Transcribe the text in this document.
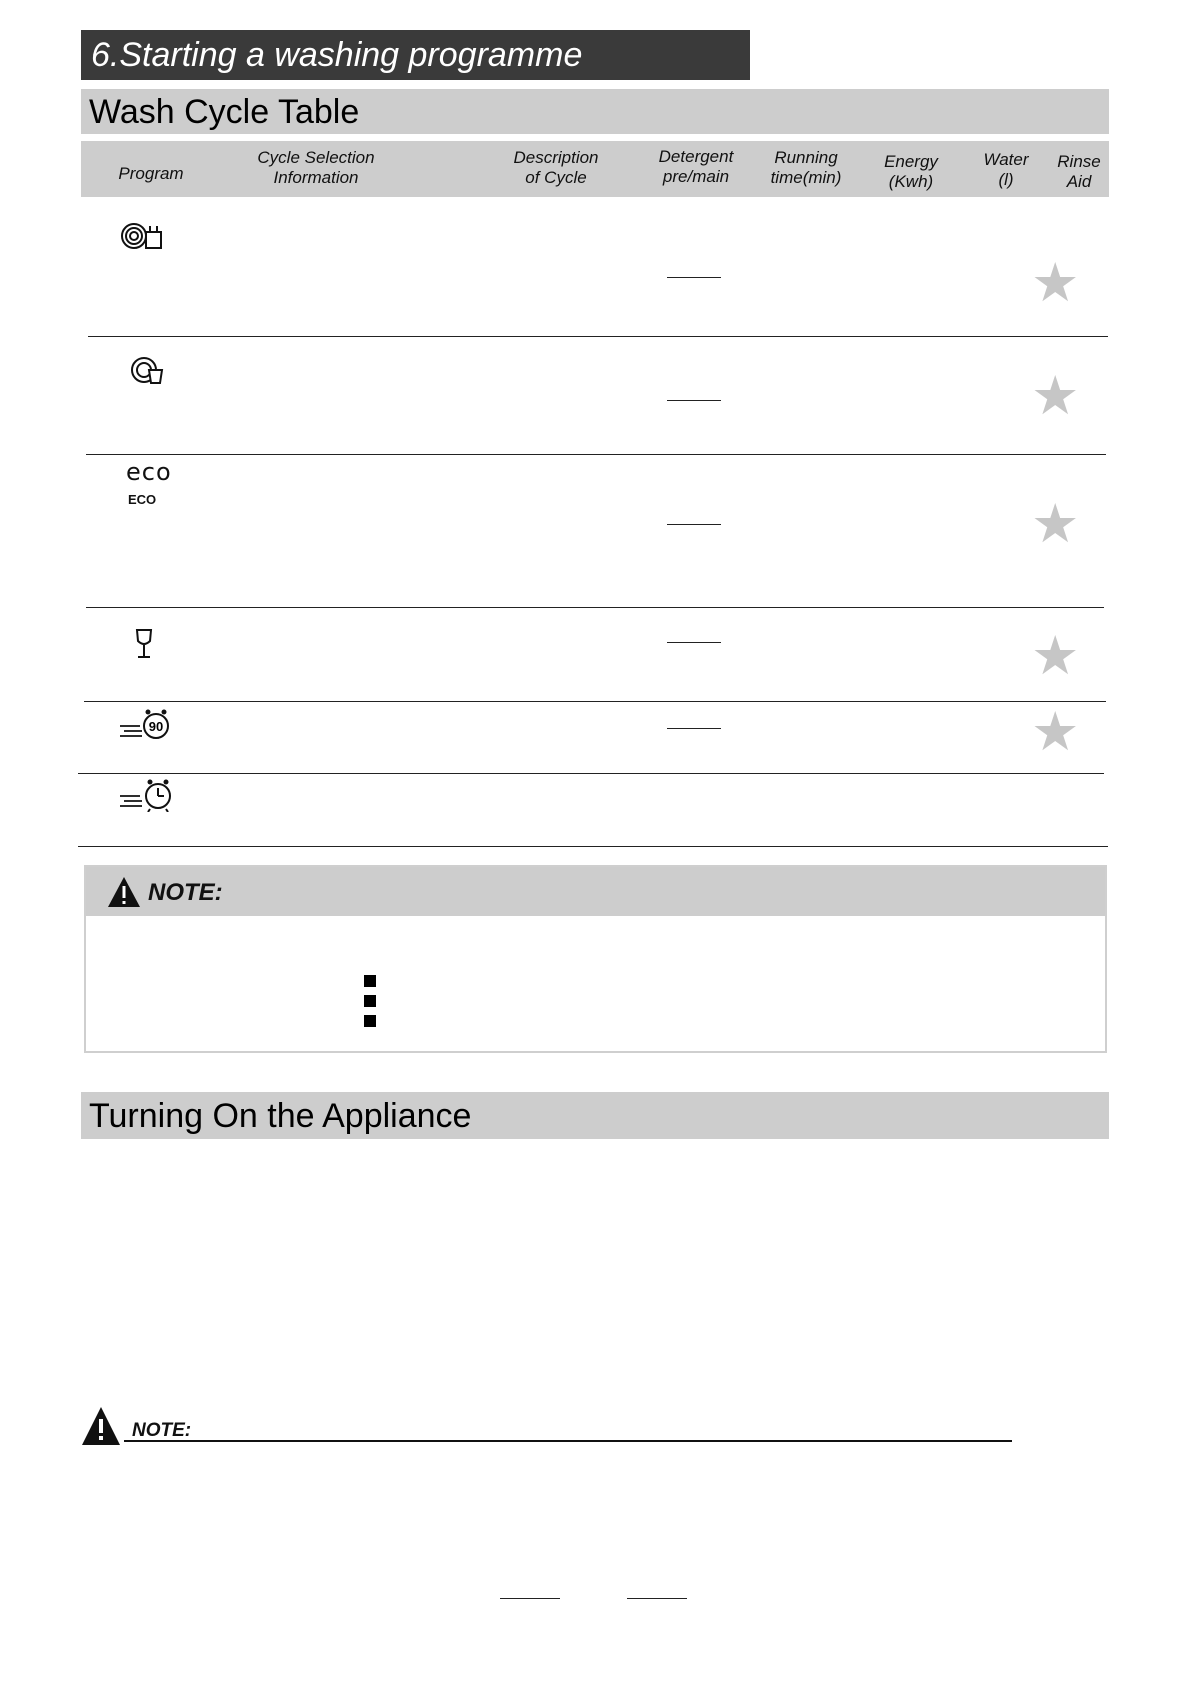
6.Starting a washing programme
Wash Cycle Table
Program
Cycle Selection
Information
Description
of Cycle
Detergent
pre/main
Running
time(min)
Energy
(Kwh)
Water
(l)
Rinse
Aid
eco
ECO
90
★
★
★
★
★
NOTE:
Turning On the Appliance
NOTE:
